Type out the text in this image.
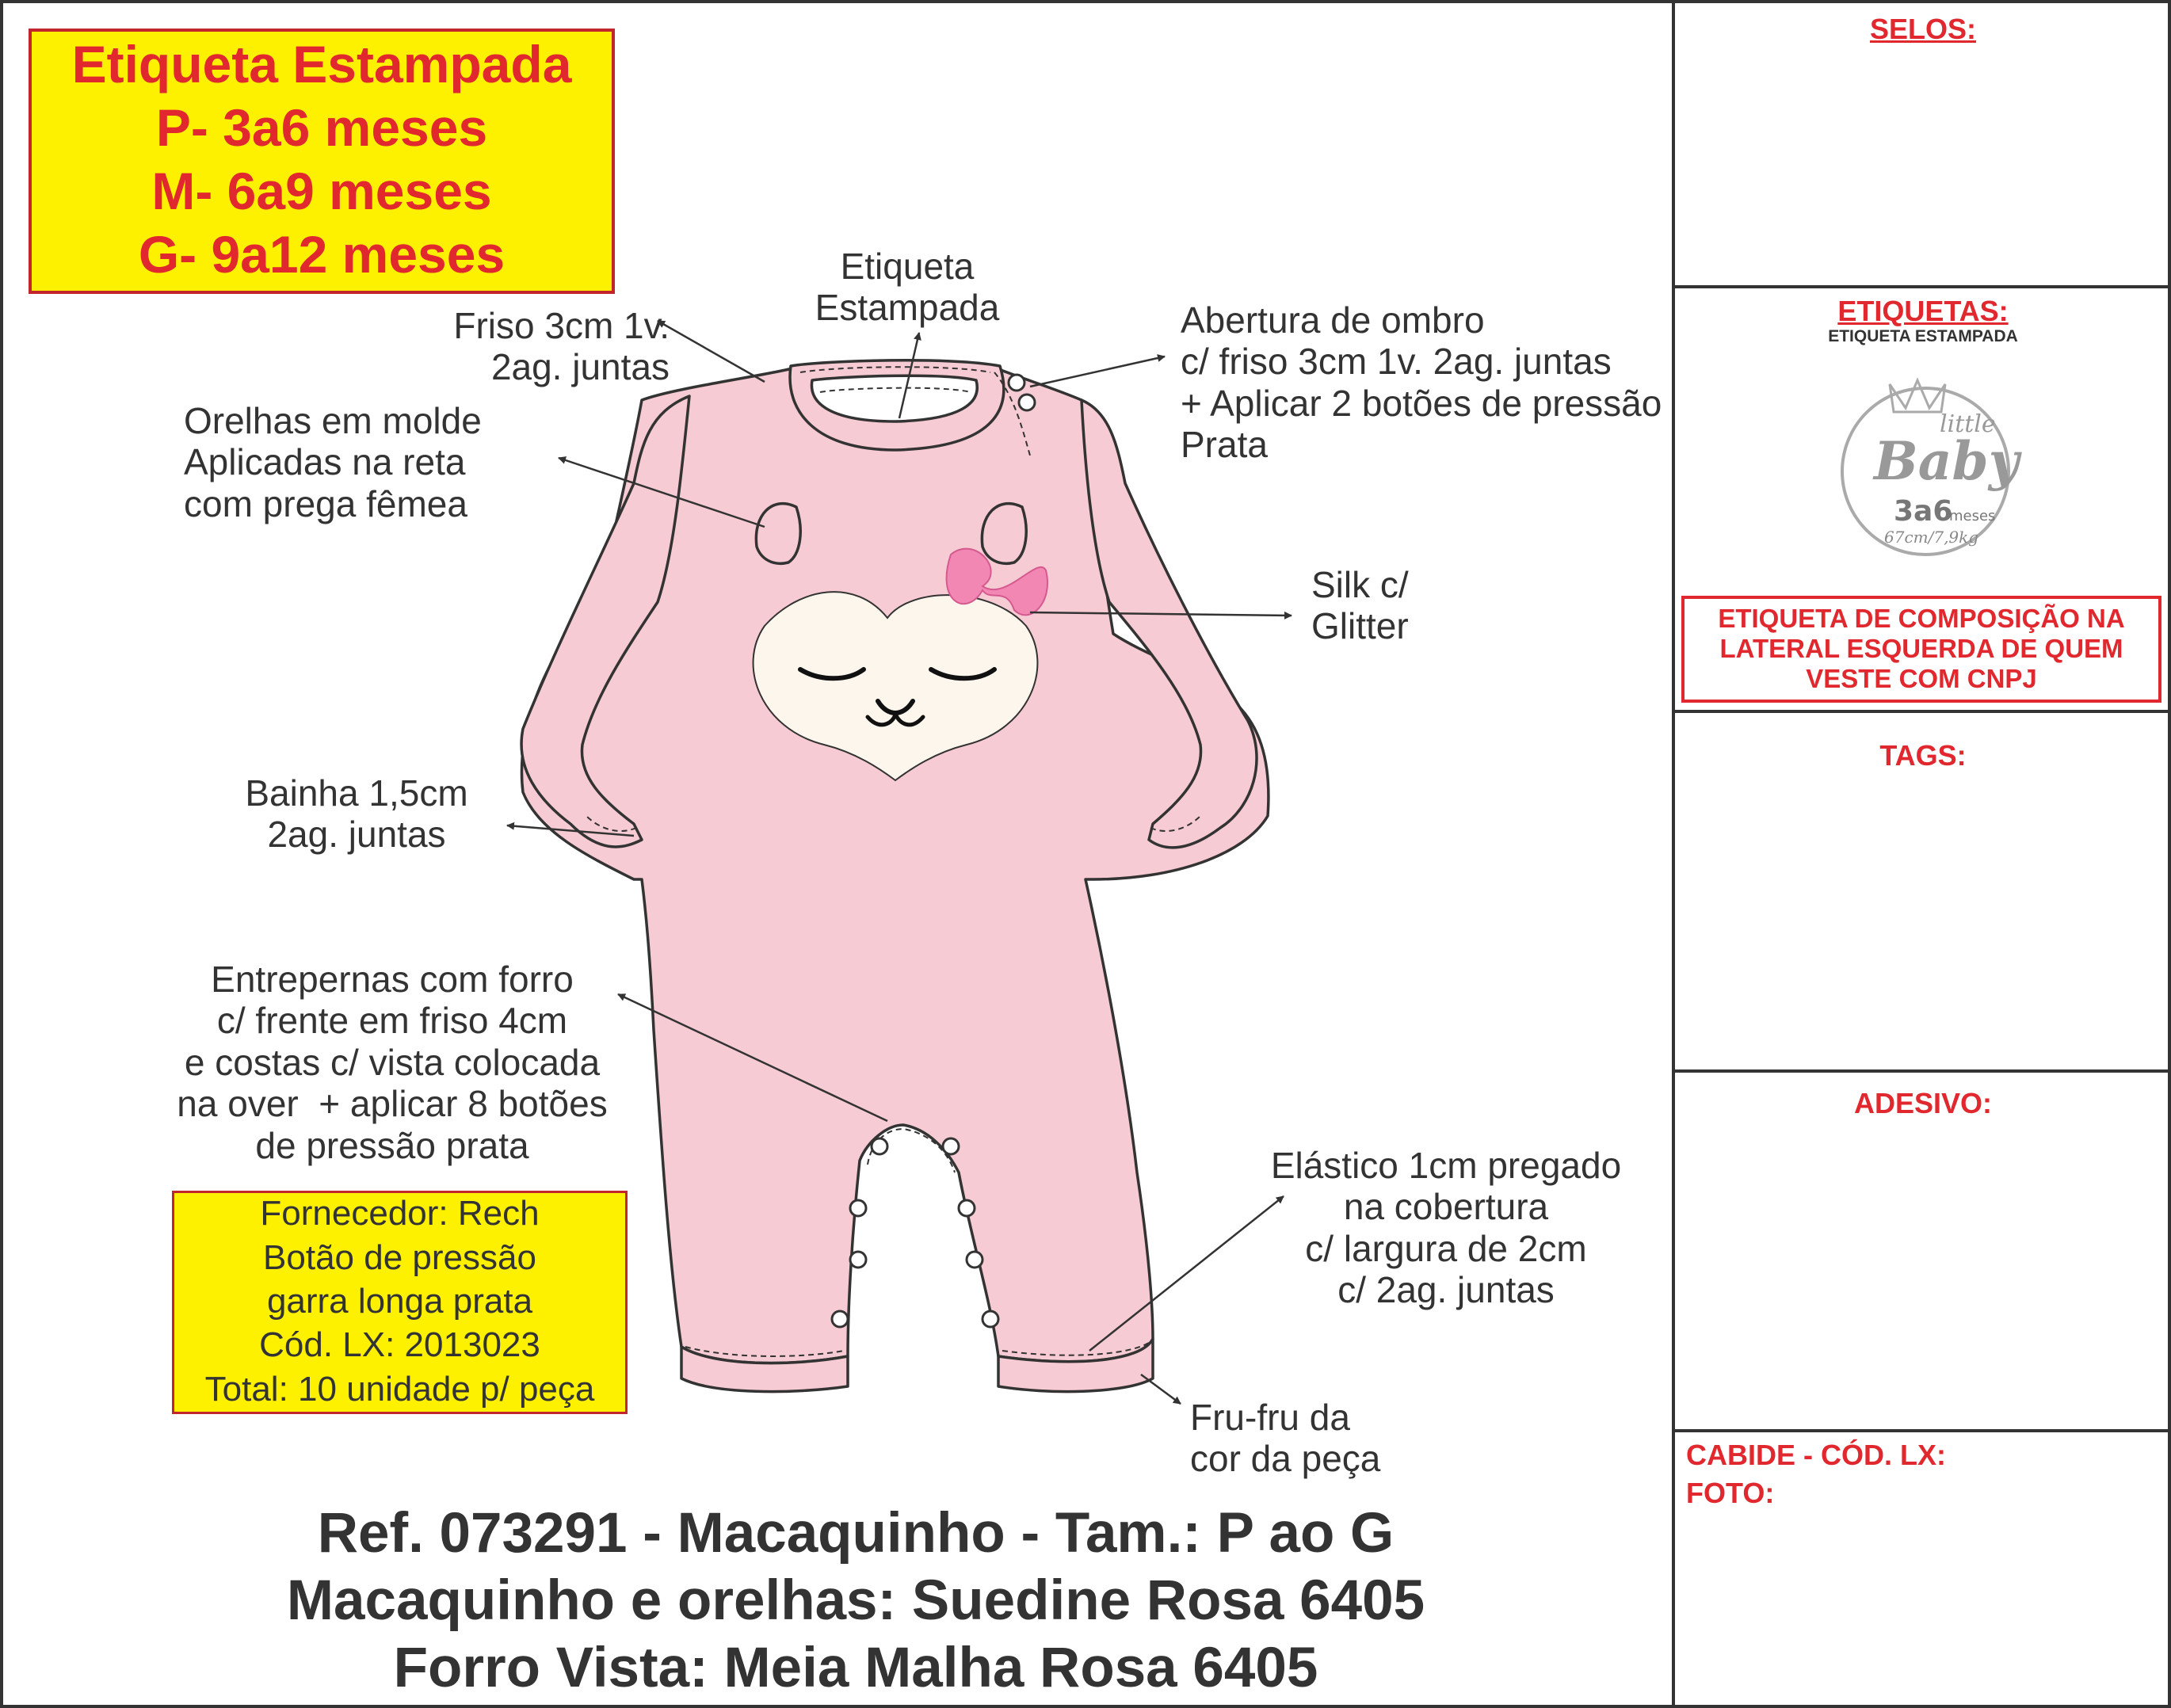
Etiqueta Estampada
P- 3a6 meses
M- 6a9 meses
G- 9a12 meses	Etiqueta
Estampada
Friso 3cm 1v.
2ag. juntas
Abertura de ombro
c/ friso 3cm 1v. 2ag. juntas
+ Aplicar 2 botões de pressão
Prata
Orelhas em molde
Aplicadas na reta
com prega fêmea
Silk c/
Glitter
Bainha 1,5cm
2ag. juntas
Entrepernas com forro
c/ frente em friso 4cm
e costas c/ vista colocada
na over  + aplicar 8 botões
de pressão prata	Elástico 1cm pregado
na cobertura
c/ largura de 2cm
c/ 2ag. juntas
Fru-fru da
cor da peça
Fornecedor: Rech
Botão de pressão
garra longa prata
Cód. LX: 2013023
Total: 10 unidade p/ peça
Ref. 073291 - Macaquinho - Tam.: P ao G
Macaquinho e orelhas: Suedine Rosa 6405
Forro Vista: Meia Malha Rosa 6405
SELOS:
ETIQUETAS:
ETIQUETA ESTAMPADA
little
Baby
3a6
meses
67cm/7,9kg
ETIQUETA DE COMPOSIÇÃO NA
LATERAL ESQUERDA DE QUEM
VESTE COM CNPJ
TAGS:
ADESIVO:
CABIDE - CÓD. LX:
FOTO:
